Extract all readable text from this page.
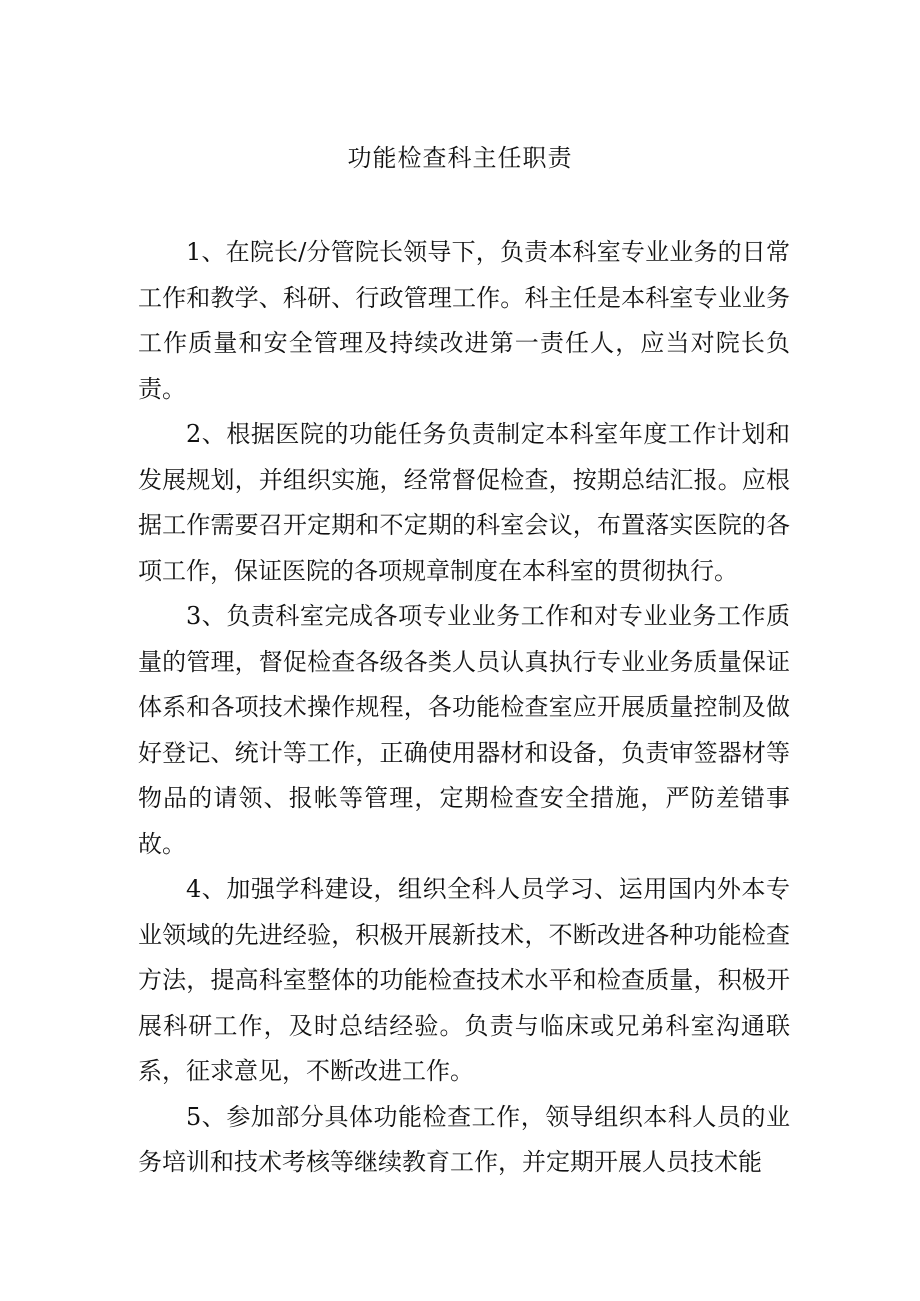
功能检查科主任职责

1、在院长/分管院长领导下，负责本科室专业业务的日常工作和教学、科研、行政管理工作。科主任是本科室专业业务工作质量和安全管理及持续改进第一责任人，应当对院长负责。

2、根据医院的功能任务负责制定本科室年度工作计划和发展规划，并组织实施，经常督促检查，按期总结汇报。应根据工作需要召开定期和不定期的科室会议，布置落实医院的各项工作，保证医院的各项规章制度在本科室的贯彻执行。

3、负责科室完成各项专业业务工作和对专业业务工作质量的管理，督促检查各级各类人员认真执行专业业务质量保证体系和各项技术操作规程，各功能检查室应开展质量控制及做好登记、统计等工作，正确使用器材和设备，负责审签器材等物品的请领、报帐等管理，定期检查安全措施，严防差错事故。

4、加强学科建设，组织全科人员学习、运用国内外本专业领域的先进经验，积极开展新技术，不断改进各种功能检查方法，提高科室整体的功能检查技术水平和检查质量，积极开展科研工作，及时总结经验。负责与临床或兄弟科室沟通联系，征求意见，不断改进工作。

5、参加部分具体功能检查工作，领导组织本科人员的业务培训和技术考核等继续教育工作，并定期开展人员技术能
